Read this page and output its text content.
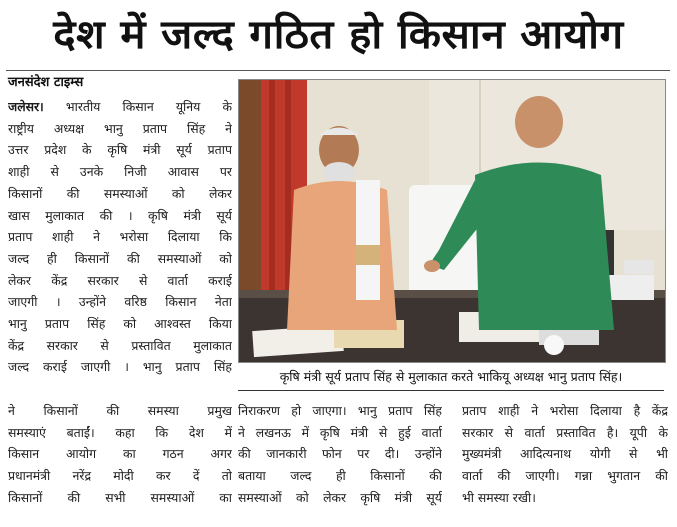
देश में जल्द गठित हो किसान आयोग
जनसंदेश टाइम्स
जलेसर। भारतीय किसान यूनिय के
राष्ट्रीय अध्यक्ष भानु प्रताप सिंह ने
उत्तर प्रदेश के कृषि मंत्री सूर्य प्रताप
शाही से उनके निजी आवास पर
किसानों की समस्याओं को लेकर
खास मुलाकात की । कृषि मंत्री सूर्य
प्रताप शाही ने भरोसा दिलाया कि
जल्द ही किसानों की समस्याओं को
लेकर केंद्र सरकार से वार्ता कराई
जाएगी । उन्होंने वरिष्ठ किसान नेता
भानु प्रताप सिंह को आश्वस्त किया
केंद्र सरकार से प्रस्तावित मुलाकात
जल्द कराई जाएगी । भानु प्रताप सिंह
ने किसानों की समस्या प्रमुख
समस्याएं बताईं। कहा कि देश में
किसान आयोग का गठन अगर
प्रधानमंत्री नरेंद्र मोदी कर दें तो
किसानों की सभी समस्याओं का
कृषि मंत्री सूर्य प्रताप सिंह से मुलाकात करते भाकियू अध्यक्ष भानु प्रताप सिंह।
निराकरण हो जाएगा। भानु प्रताप सिंह
ने लखनऊ में कृषि मंत्री से हुई वार्ता
की जानकारी फोन पर दी। उन्होंने
बताया जल्द ही किसानों की
समस्याओं को लेकर कृषि मंत्री सूर्य
प्रताप शाही ने भरोसा दिलाया है केंद्र
सरकार से वार्ता प्रस्तावित है। यूपी के
मुख्यमंत्री आदित्यनाथ योगी से भी
वार्ता की जाएगी। गन्ना भुगतान की
भी समस्या रखी।
